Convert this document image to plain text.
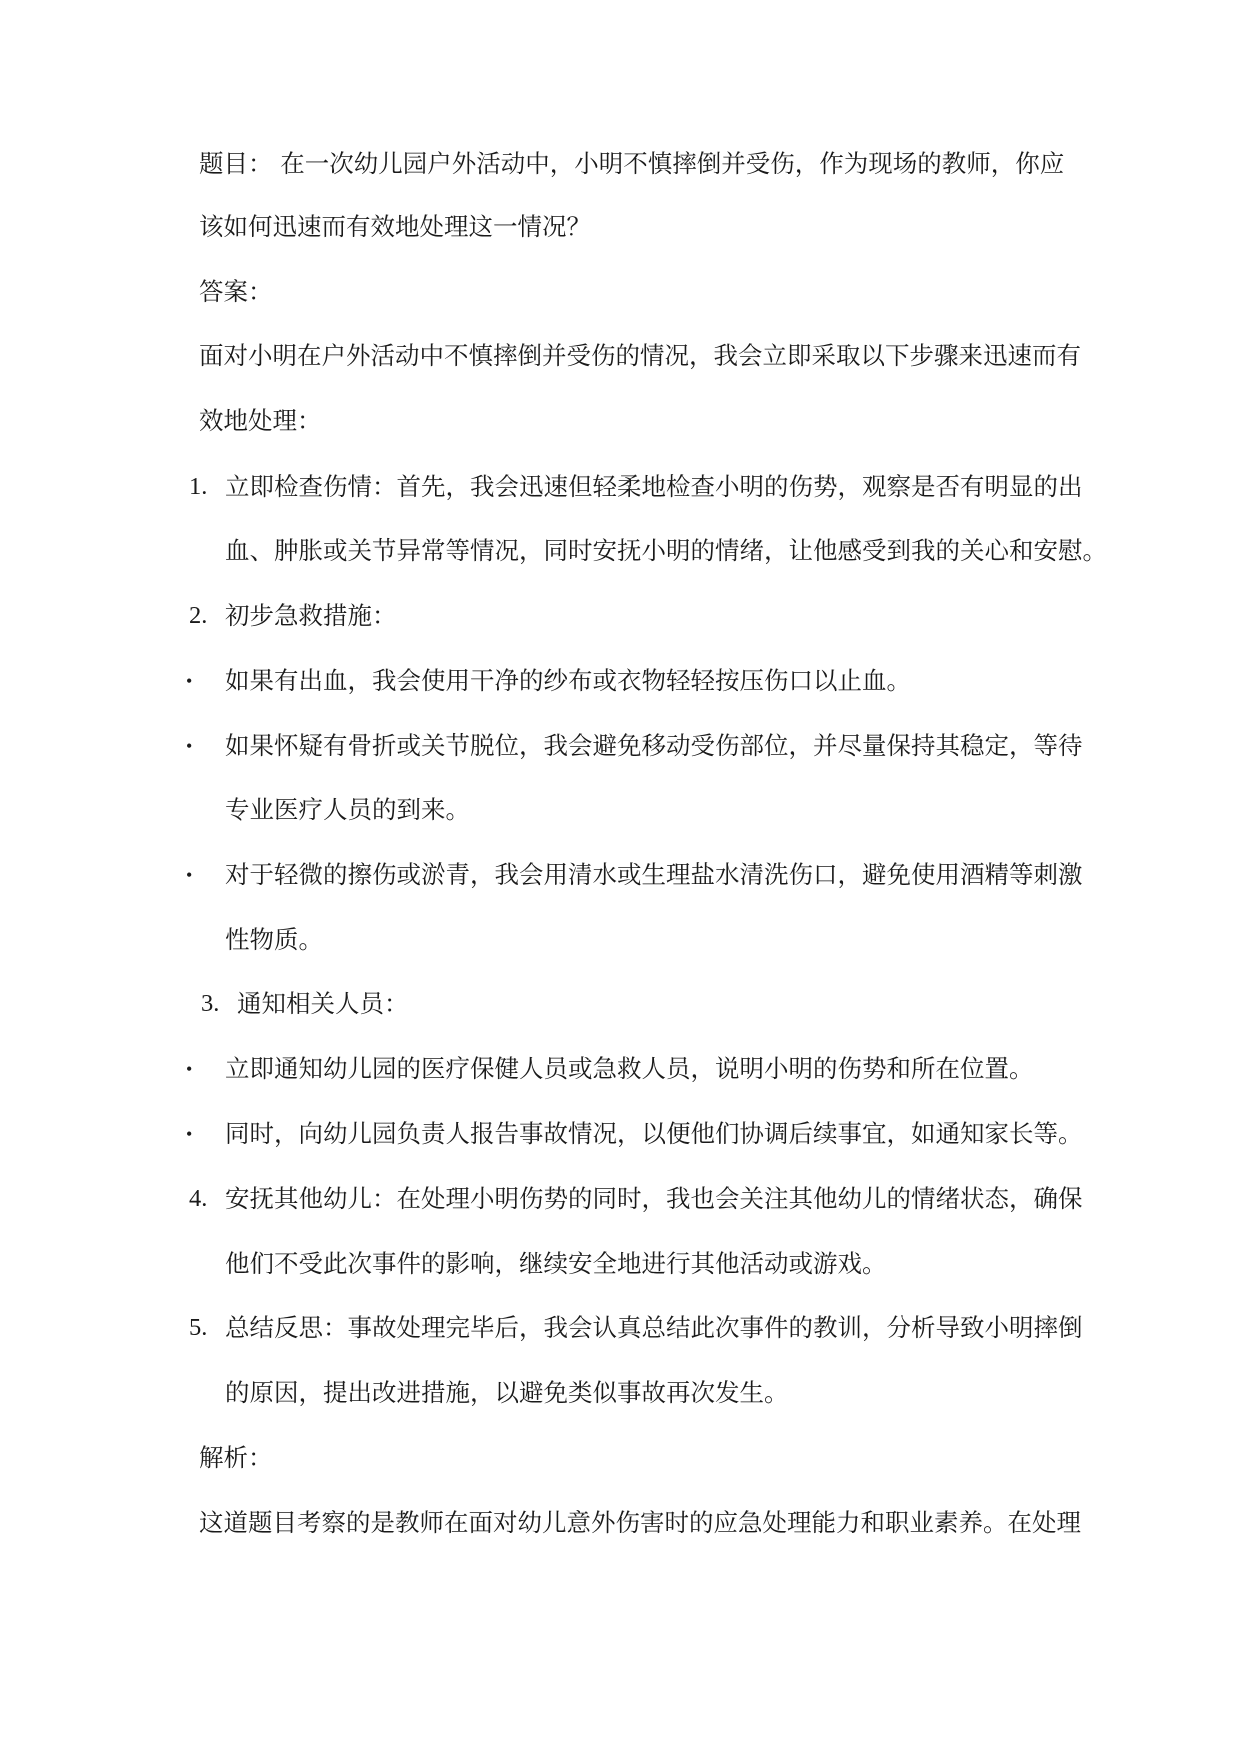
题目： 在一次幼儿园户外活动中，小明不慎摔倒并受伤，作为现场的教师，你应
该如何迅速而有效地处理这一情况？
答案：
面对小明在户外活动中不慎摔倒并受伤的情况，我会立即采取以下步骤来迅速而有
效地处理：
1. 立即检查伤情：首先，我会迅速但轻柔地检查小明的伤势，观察是否有明显的出
血、肿胀或关节异常等情况，同时安抚小明的情绪，让他感受到我的关心和安慰。
2. 初步急救措施：
• 如果有出血，我会使用干净的纱布或衣物轻轻按压伤口以止血。
• 如果怀疑有骨折或关节脱位，我会避免移动受伤部位，并尽量保持其稳定，等待
专业医疗人员的到来。
• 对于轻微的擦伤或淤青，我会用清水或生理盐水清洗伤口，避免使用酒精等刺激
性物质。
3. 通知相关人员：
• 立即通知幼儿园的医疗保健人员或急救人员，说明小明的伤势和所在位置。
• 同时，向幼儿园负责人报告事故情况，以便他们协调后续事宜，如通知家长等。
4. 安抚其他幼儿：在处理小明伤势的同时，我也会关注其他幼儿的情绪状态，确保
他们不受此次事件的影响，继续安全地进行其他活动或游戏。
5. 总结反思：事故处理完毕后，我会认真总结此次事件的教训，分析导致小明摔倒
的原因，提出改进措施，以避免类似事故再次发生。
解析：
这道题目考察的是教师在面对幼儿意外伤害时的应急处理能力和职业素养。在处理
